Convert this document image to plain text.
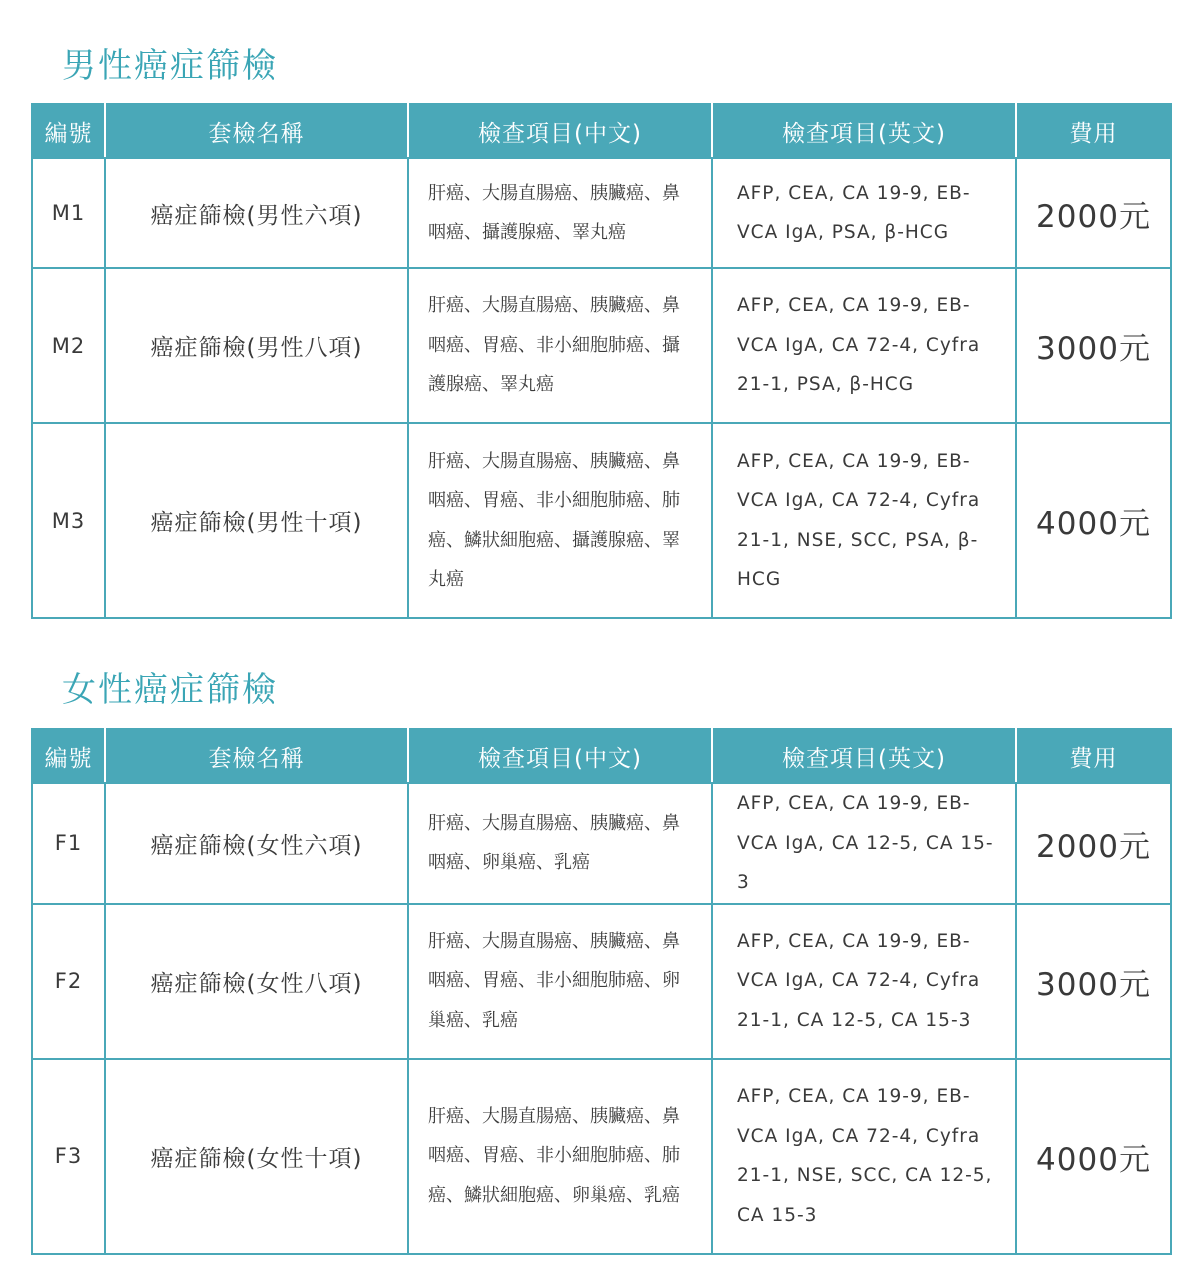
男性癌症篩檢
編號	套檢名稱	檢查項目(中文)	檢查項目(英文)	費用
M1	癌症篩檢(男性六項)	肝癌、大腸直腸癌、胰臟癌、鼻咽癌、攝護腺癌、睪丸癌	AFP, CEA, CA 19-9, EB-VCA IgA, PSA, β-HCG	2000元
M2	癌症篩檢(男性八項)	肝癌、大腸直腸癌、胰臟癌、鼻咽癌、胃癌、非小細胞肺癌、攝護腺癌、睪丸癌	AFP, CEA, CA 19-9, EB-VCA IgA, CA 72-4, Cyfra 21-1, PSA, β-HCG	3000元
M3	癌症篩檢(男性十項)	肝癌、大腸直腸癌、胰臟癌、鼻咽癌、胃癌、非小細胞肺癌、肺癌、鱗狀細胞癌、攝護腺癌、睪丸癌	AFP, CEA, CA 19-9, EB-VCA IgA, CA 72-4, Cyfra 21-1, NSE, SCC, PSA, β-HCG	4000元
女性癌症篩檢
編號	套檢名稱	檢查項目(中文)	檢查項目(英文)	費用
F1	癌症篩檢(女性六項)	肝癌、大腸直腸癌、胰臟癌、鼻咽癌、卵巢癌、乳癌	AFP, CEA, CA 19-9, EB-VCA IgA, CA 12-5, CA 15-3	2000元
F2	癌症篩檢(女性八項)	肝癌、大腸直腸癌、胰臟癌、鼻咽癌、胃癌、非小細胞肺癌、卵巢癌、乳癌	AFP, CEA, CA 19-9, EB-VCA IgA, CA 72-4, Cyfra 21-1, CA 12-5, CA 15-3	3000元
F3	癌症篩檢(女性十項)	肝癌、大腸直腸癌、胰臟癌、鼻咽癌、胃癌、非小細胞肺癌、肺癌、鱗狀細胞癌、卵巢癌、乳癌	AFP, CEA, CA 19-9, EB-VCA IgA, CA 72-4, Cyfra 21-1, NSE, SCC, CA 12-5, CA 15-3	4000元
